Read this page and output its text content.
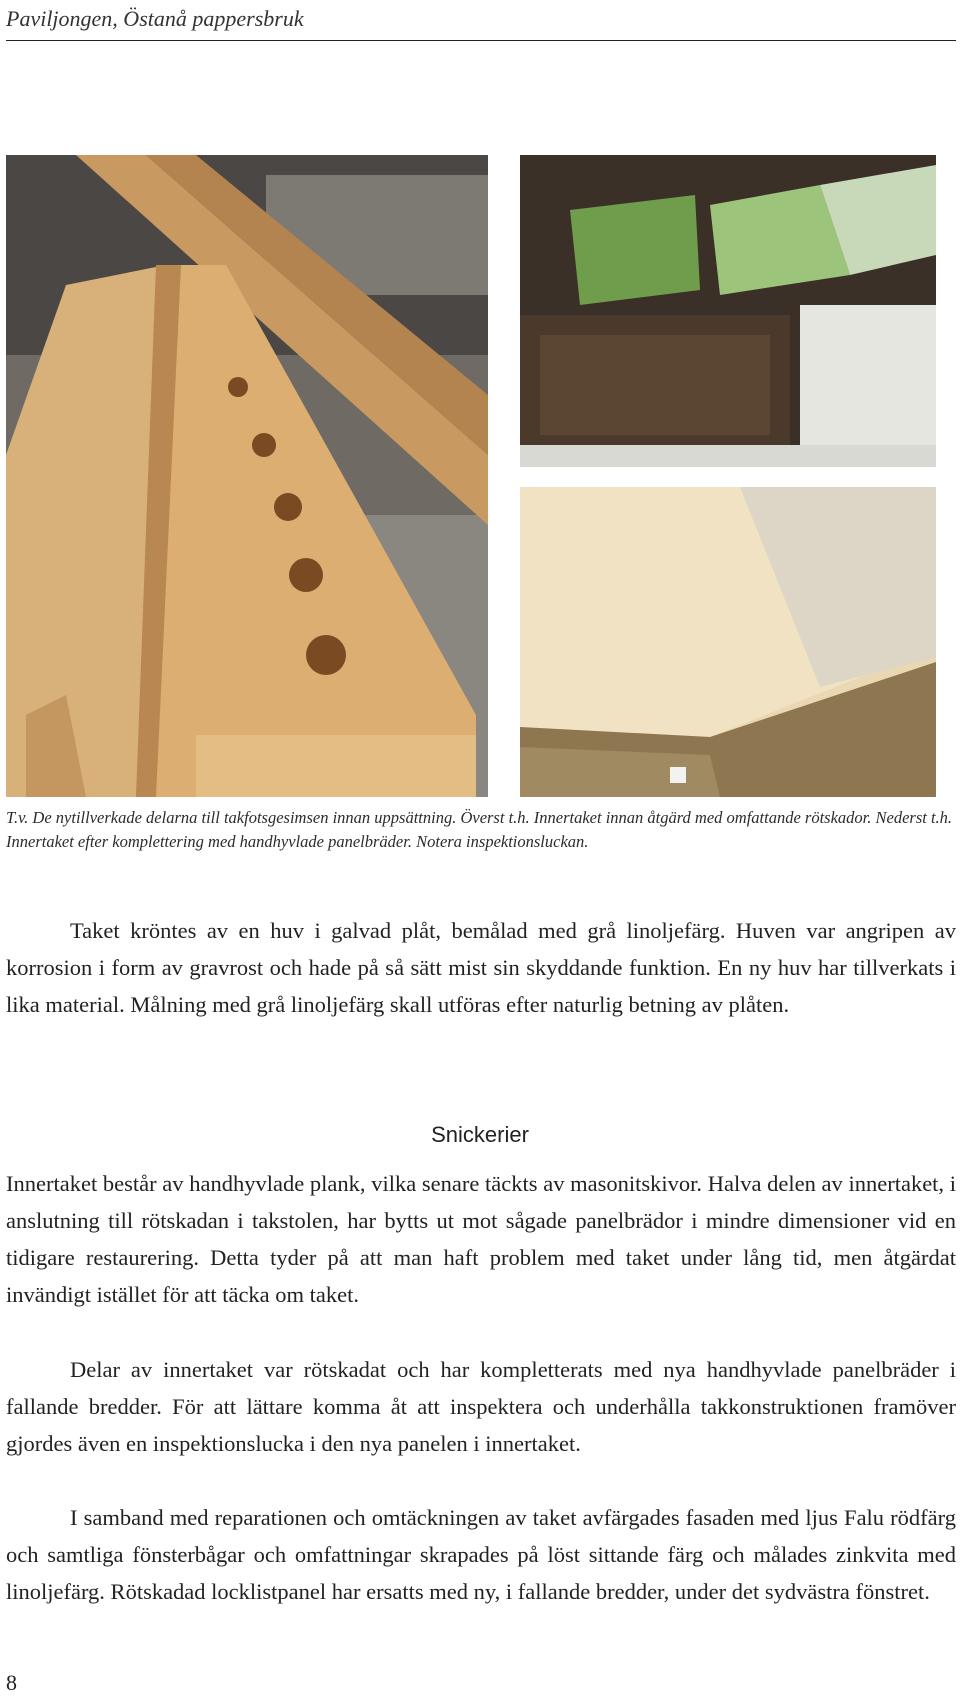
Paviljongen, Östanå pappersbruk
T.v. De nytillverkade delarna till takfotsgesimsen innan uppsättning. Överst t.h. Innertaket innan åtgärd med omfattande rötskador. Nederst t.h. Innertaket efter komplettering med handhyvlade panelbräder. Notera inspektionsluckan.

Taket kröntes av en huv i galvad plåt, bemålad med grå linoljefärg. Huven var angripen av korrosion i form av gravrost och hade på så sätt mist sin skyddande funktion. En ny huv har tillverkats i lika material. Målning med grå linoljefärg skall utföras efter naturlig betning av plåten.

Snickerier

Innertaket består av handhyvlade plank, vilka senare täckts av masonitskivor. Halva delen av innertaket, i anslutning till rötskadan i takstolen, har bytts ut mot sågade panelbrädor i mindre dimensioner vid en tidigare restaurering. Detta tyder på att man haft problem med taket under lång tid, men åtgärdat invändigt istället för att täcka om taket.

Delar av innertaket var rötskadat och har kompletterats med nya handhyvlade panelbräder i fallande bredder. För att lättare komma åt att inspektera och underhålla takkonstruktionen framöver gjordes även en inspektionslucka i den nya panelen i innertaket.

I samband med reparationen och omtäckningen av taket avfärgades fasaden med ljus Falu rödfärg och samtliga fönsterbågar och omfattningar skrapades på löst sittande färg och målades zinkvita med linoljefärg. Rötskadad locklistpanel har ersatts med ny, i fallande bredder, under det sydvästra fönstret.

8
